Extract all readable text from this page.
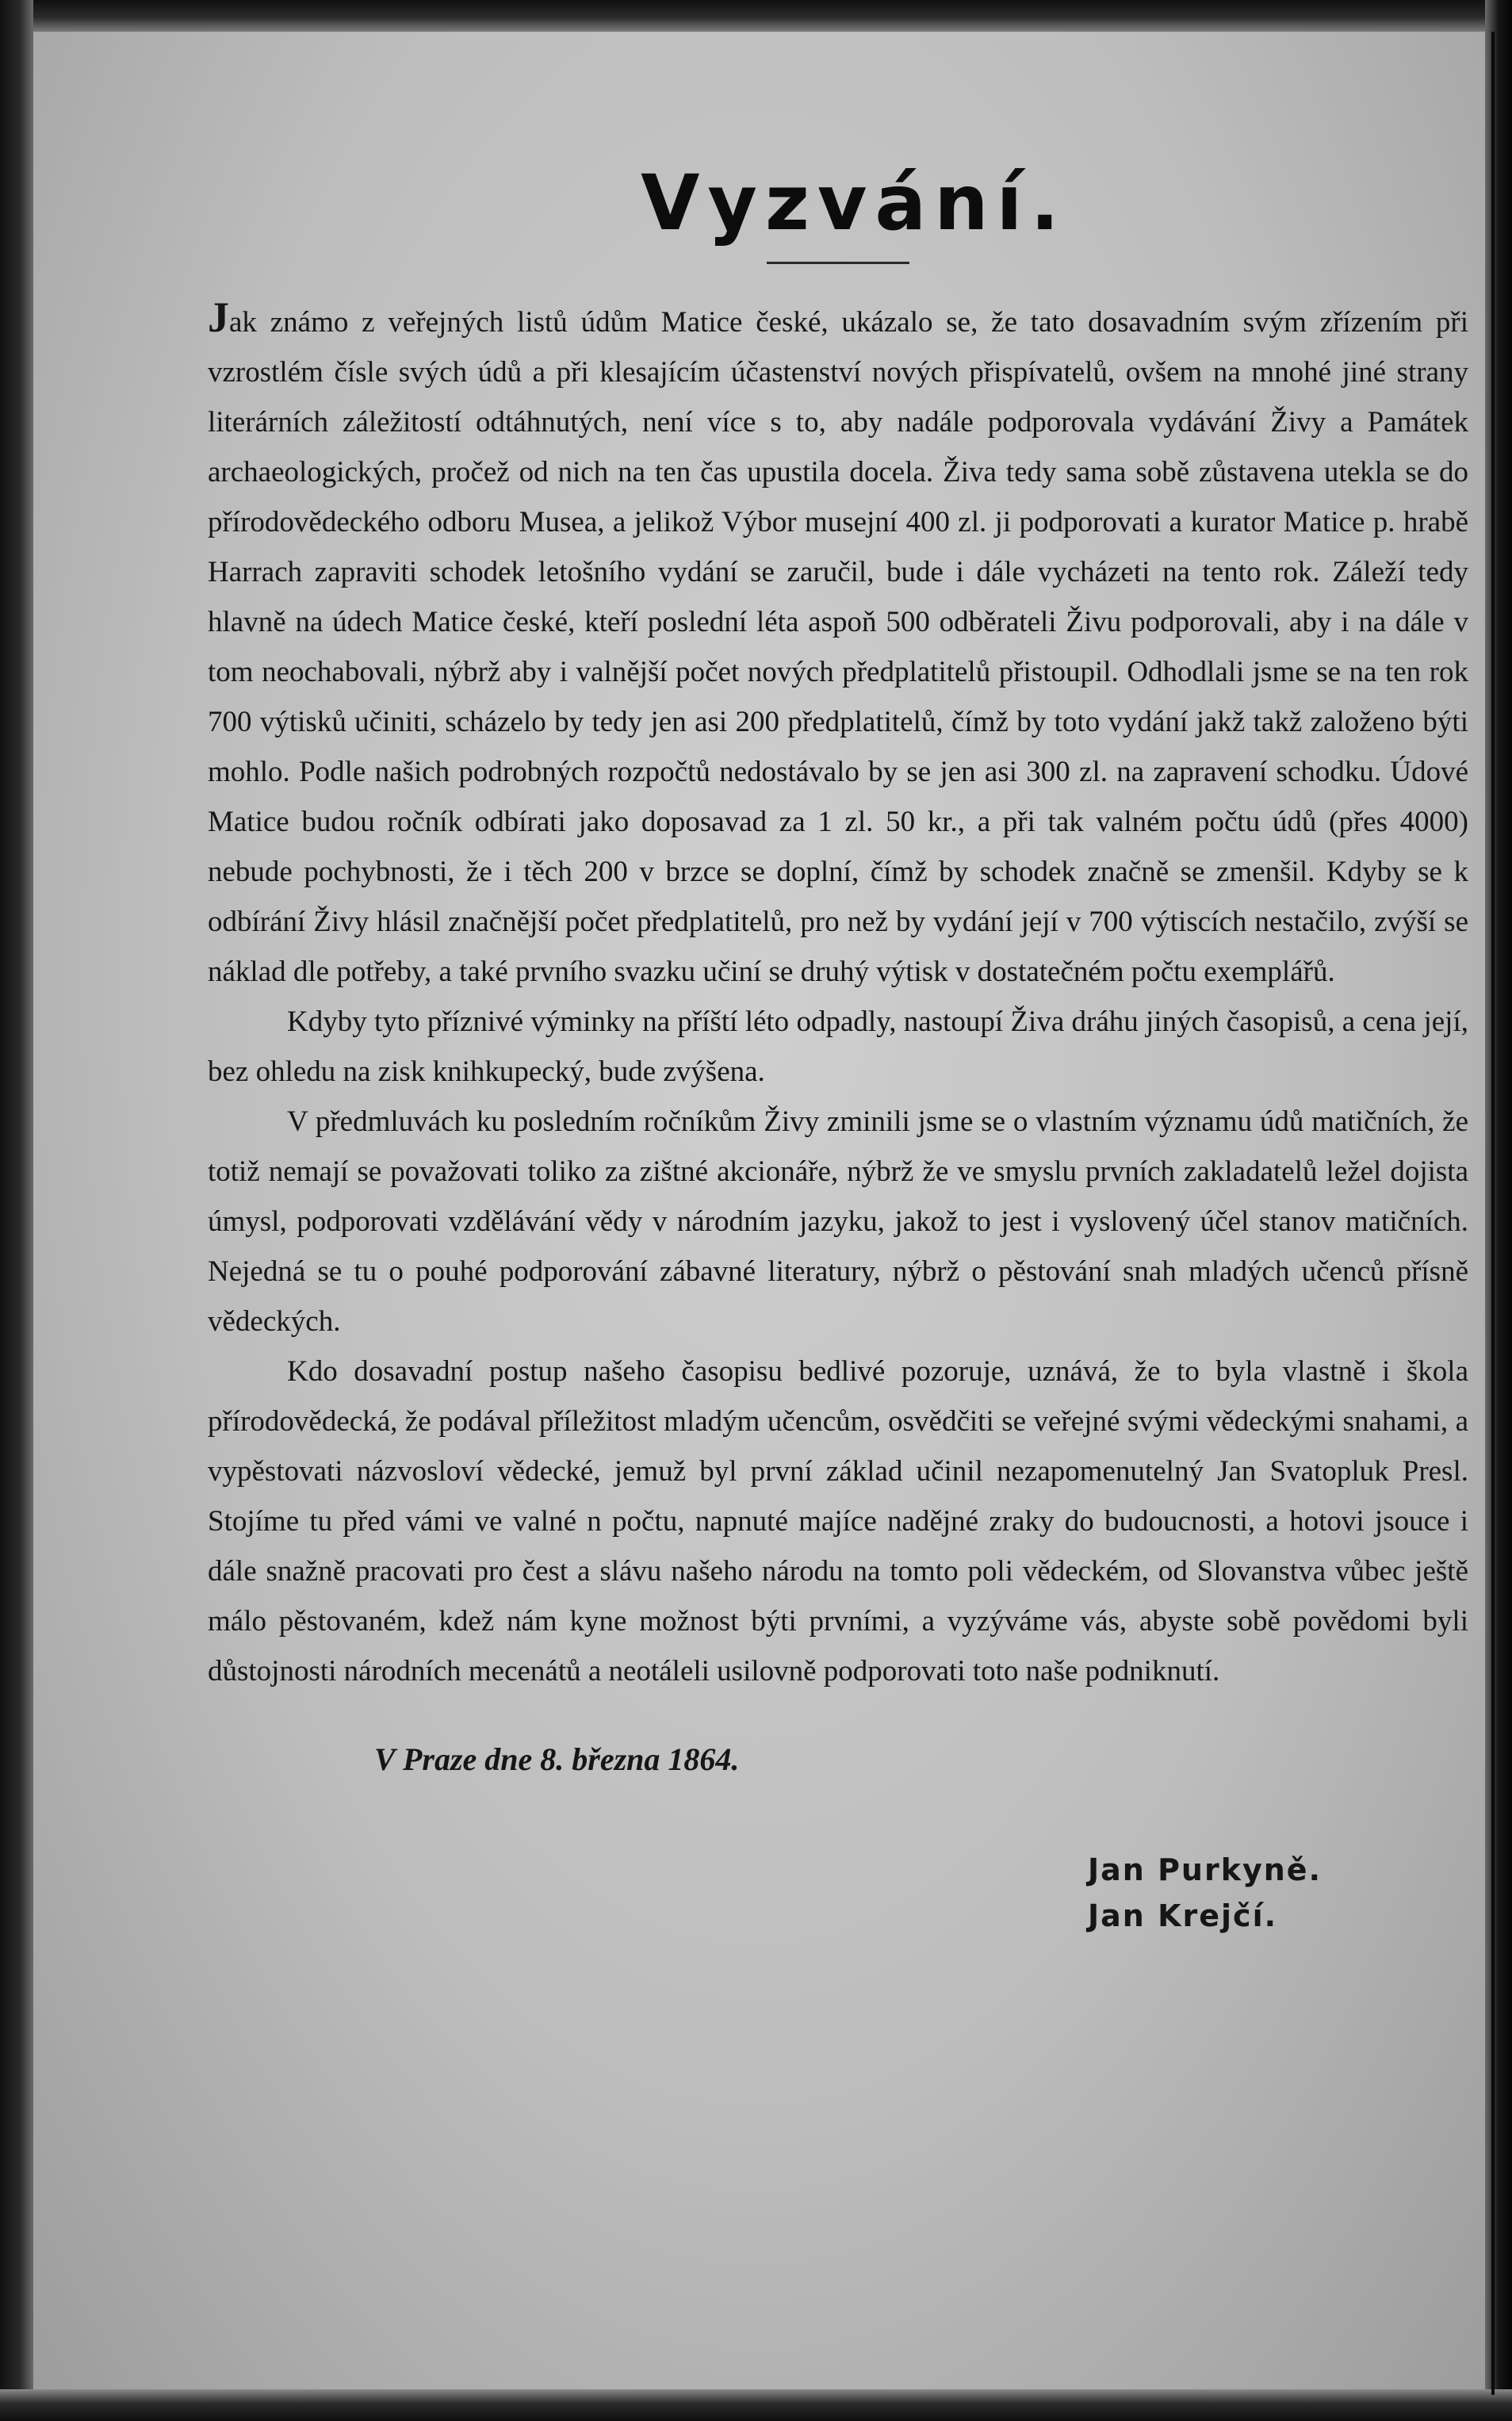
Vyzvání.

Jak známo z veřejných listů údům Matice české, ukázalo se, že tato dosavadním svým zřízením při vzrostlém čísle svých údů a při klesajícím účastenství nových přispívatelů, ovšem na mnohé jiné strany literárních záležitostí odtáhnutých, není více s to, aby nadále podporovala vydávání Živy a Památek archaeologických, pročež od nich na ten čas upustila docela. Živa tedy sama sobě zůstavena utekla se do přírodovědeckého odboru Musea, a jelikož Výbor musejní 400 zl. ji podporovati a kurator Matice p. hrabě Harrach zapraviti schodek letošního vydání se zaručil, bude i dále vycházeti na tento rok. Záleží tedy hlavně na údech Matice české, kteří poslední léta aspoň 500 odběrateli Živu podporovali, aby i na dále v tom neochabovali, nýbrž aby i valnější počet nových předplatitelů přistoupil. Odhodlali jsme se na ten rok 700 výtisků učiniti, scházelo by tedy jen asi 200 předplatitelů, čímž by toto vydání jakž takž založeno býti mohlo. Podle našich podrobných rozpočtů nedostávalo by se jen asi 300 zl. na zapravení schodku. Údové Matice budou ročník odbírati jako doposavad za 1 zl. 50 kr., a při tak valném počtu údů (přes 4000) nebude pochybnosti, že i těch 200 v brzce se doplní, čímž by schodek značně se zmenšil. Kdyby se k odbírání Živy hlásil značnější počet předplatitelů, pro než by vydání její v 700 výtiscích nestačilo, zvýší se náklad dle potřeby, a také prvního svazku učiní se druhý výtisk v dostatečném počtu exemplářů.

Kdyby tyto příznivé výminky na příští léto odpadly, nastoupí Živa dráhu jiných časopisů, a cena její, bez ohledu na zisk knihkupecký, bude zvýšena.

V předmluvách ku posledním ročníkům Živy zminili jsme se o vlastním významu údů matičních, že totiž nemají se považovati toliko za zištné akcionáře, nýbrž že ve smyslu prvních zakladatelů ležel dojista úmysl, podporovati vzdělávání vědy v národním jazyku, jakož to jest i vyslovený účel stanov matičních. Nejedná se tu o pouhé podporování zábavné literatury, nýbrž o pěstování snah mladých učenců přísně vědeckých.

Kdo dosavadní postup našeho časopisu bedlivé pozoruje, uznává, že to byla vlastně i škola přírodovědecká, že podával příležitost mladým učencům, osvědčiti se veřejné svými vědeckými snahami, a vypěstovati názvosloví vědecké, jemuž byl první základ učinil nezapomenutelný Jan Svatopluk Presl. Stojíme tu před vámi ve valné n počtu, napnuté majíce nadějné zraky do budoucnosti, a hotovi jsouce i dále snažně pracovati pro čest a slávu našeho národu na tomto poli vědeckém, od Slovanstva vůbec ještě málo pěstovaném, kdež nám kyne možnost býti prvními, a vyzýváme vás, abyste sobě povědomi byli důstojnosti národních mecenátů a neotáleli usilovně podporovati toto naše podniknutí.

V Praze dne 8. března 1864.
Jan Purkyně.
Jan Krejčí.
